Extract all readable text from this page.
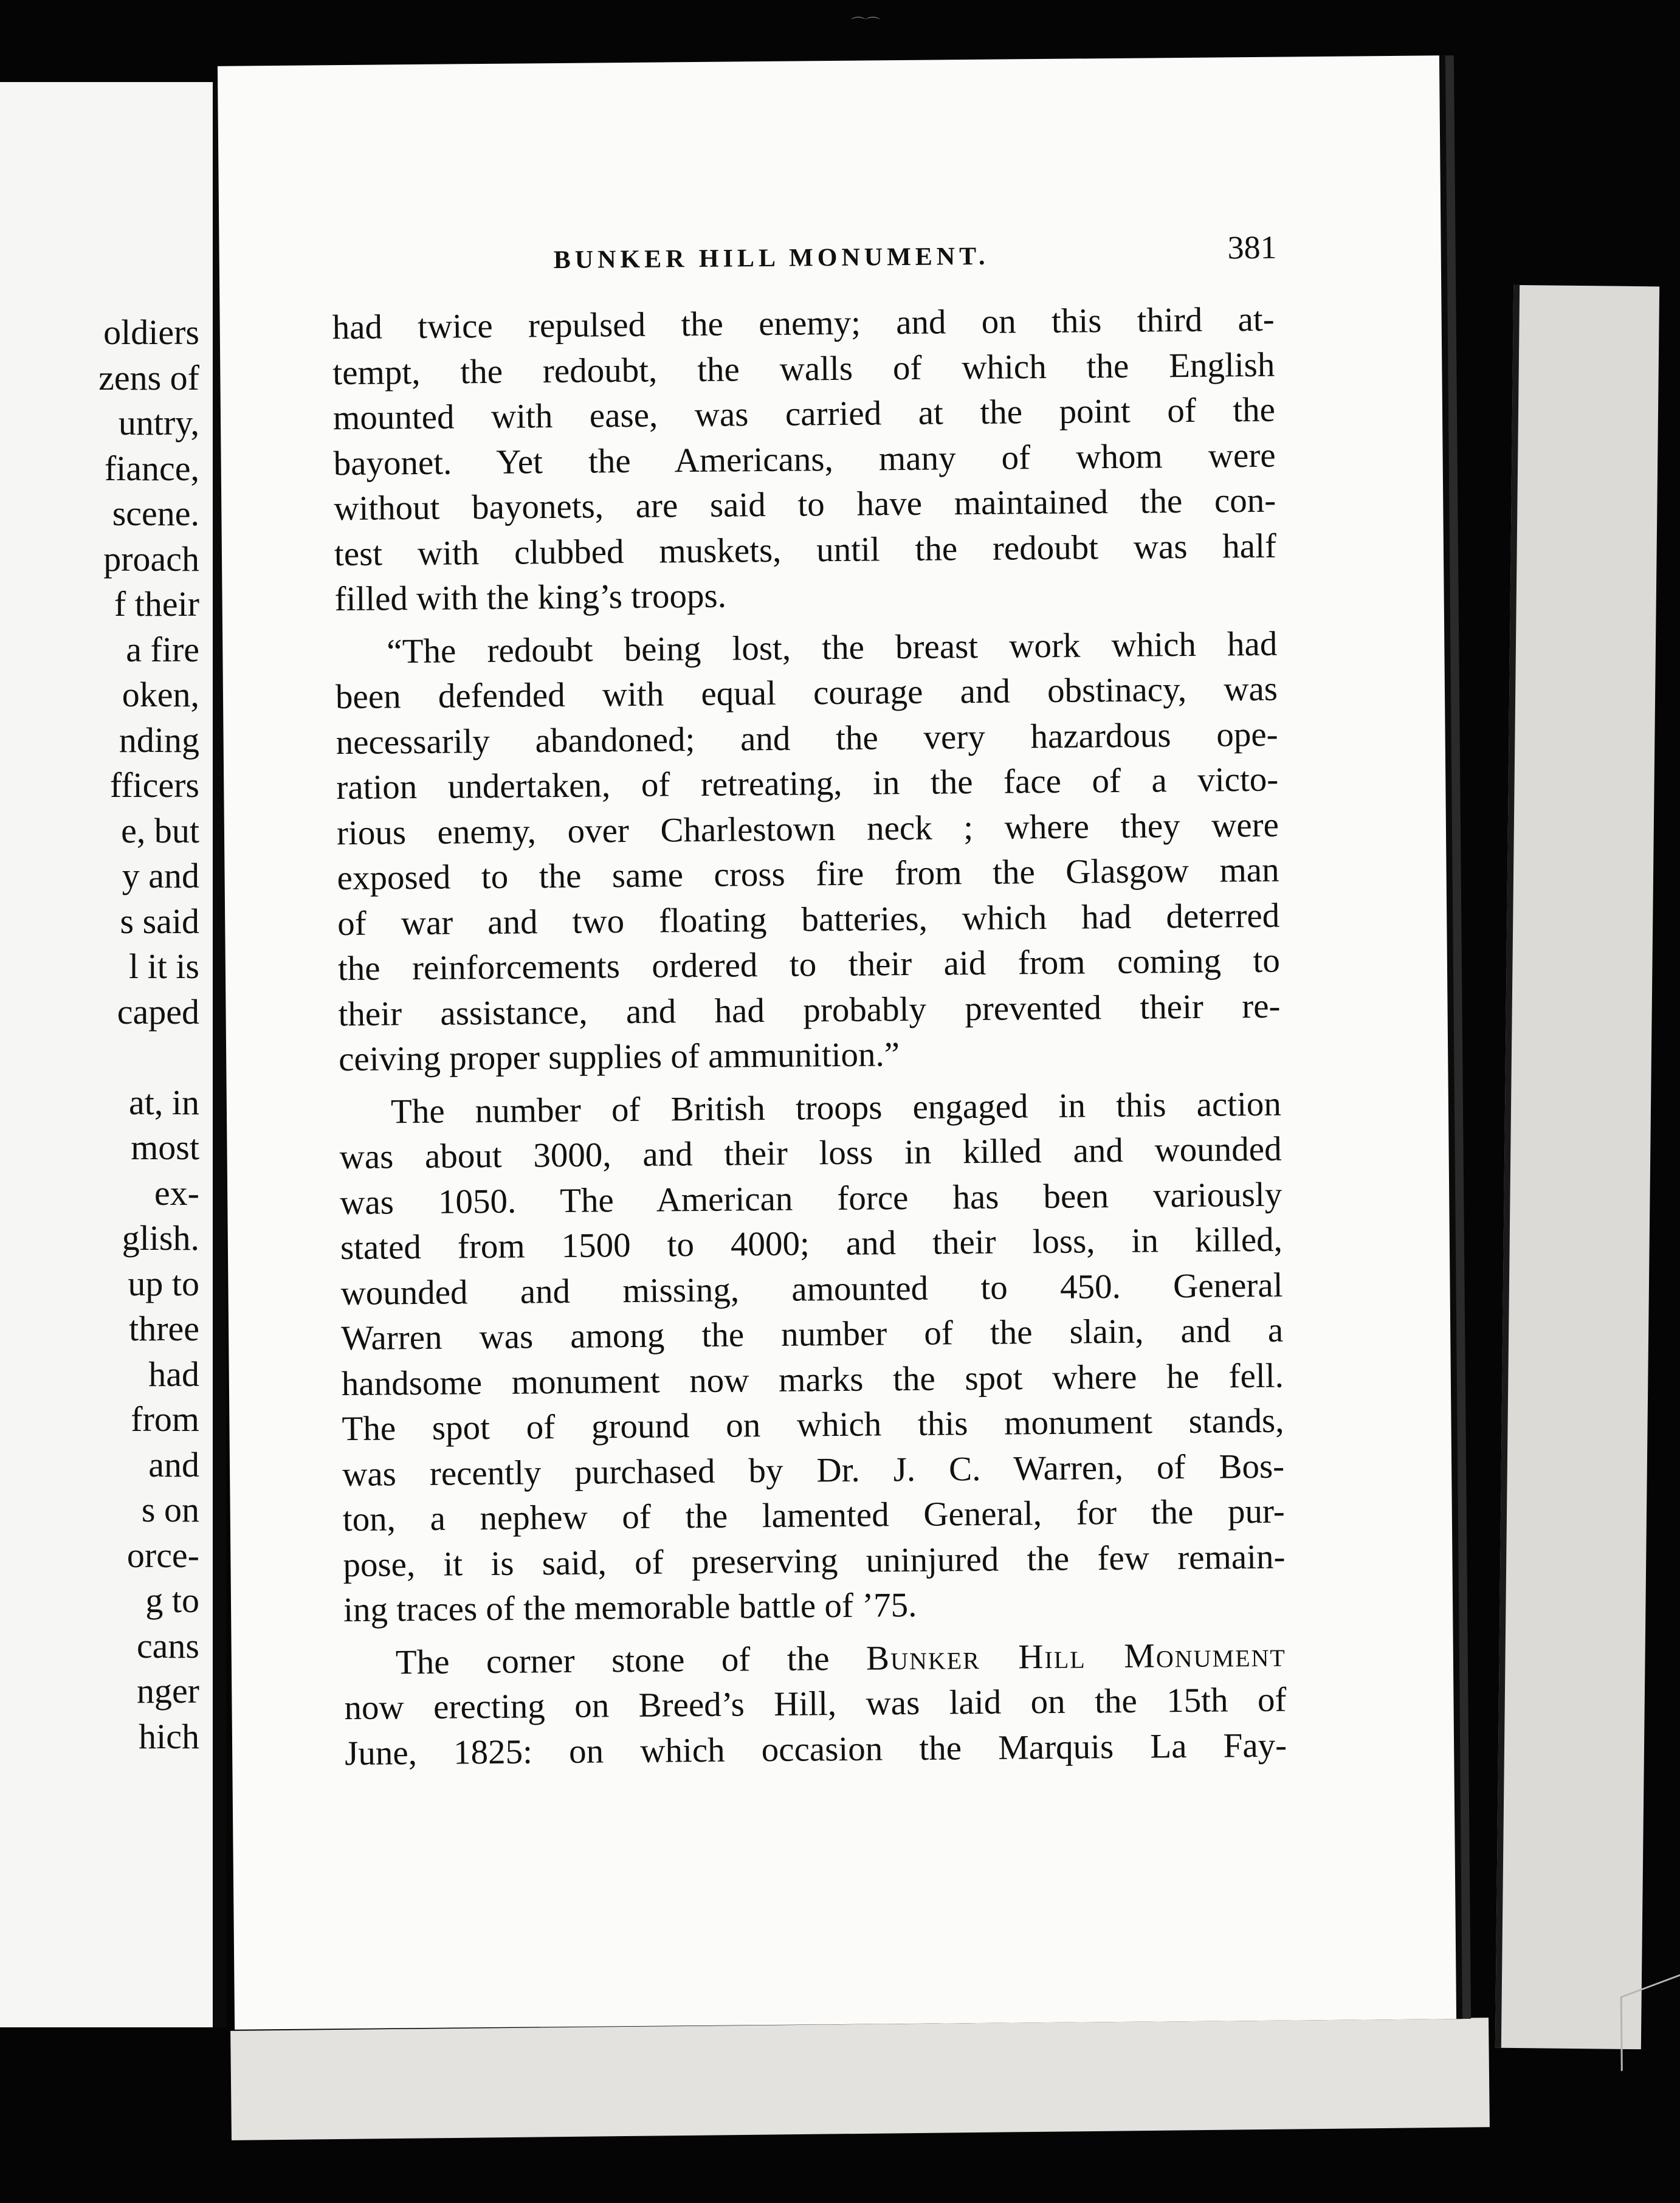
⌒⌒
oldiers
zens of
untry,
fiance,
scene.
proach
f their
a fire
oken,
nding
fficers
e, but
y and
s said
l it is
caped
at, in
most
ex-
glish.
up to
three
had
from
and
s on
orce-
g to
cans
nger
hich
BUNKER HILL MONUMENT.	381
had twice repulsed the enemy; and on this third at-
tempt, the redoubt, the walls of which the English
mounted with ease, was carried at the point of the
bayonet. Yet the Americans, many of whom were
without bayonets, are said to have maintained the con-
test with clubbed muskets, until the redoubt was half
filled with the king’s troops.
“The redoubt being lost, the breast work which had
been defended with equal courage and obstinacy, was
necessarily abandoned; and the very hazardous ope-
ration undertaken, of retreating, in the face of a victo-
rious enemy, over Charlestown neck ; where they were
exposed to the same cross fire from the Glasgow man
of war and two floating batteries, which had deterred
the reinforcements ordered to their aid from coming to
their assistance, and had probably prevented their re-
ceiving proper supplies of ammunition.”
The number of British troops engaged in this action
was about 3000, and their loss in killed and wounded
was 1050. The American force has been variously
stated from 1500 to 4000; and their loss, in killed,
wounded and missing, amounted to 450. General
Warren was among the number of the slain, and a
handsome monument now marks the spot where he fell.
The spot of ground on which this monument stands,
was recently purchased by Dr. J. C. Warren, of Bos-
ton, a nephew of the lamented General, for the pur-
pose, it is said, of preserving uninjured the few remain-
ing traces of the memorable battle of ’75.
The corner stone of the Bunker Hill Monument
now erecting on Breed’s Hill, was laid on the 15th of
June, 1825: on which occasion the Marquis La Fay-
